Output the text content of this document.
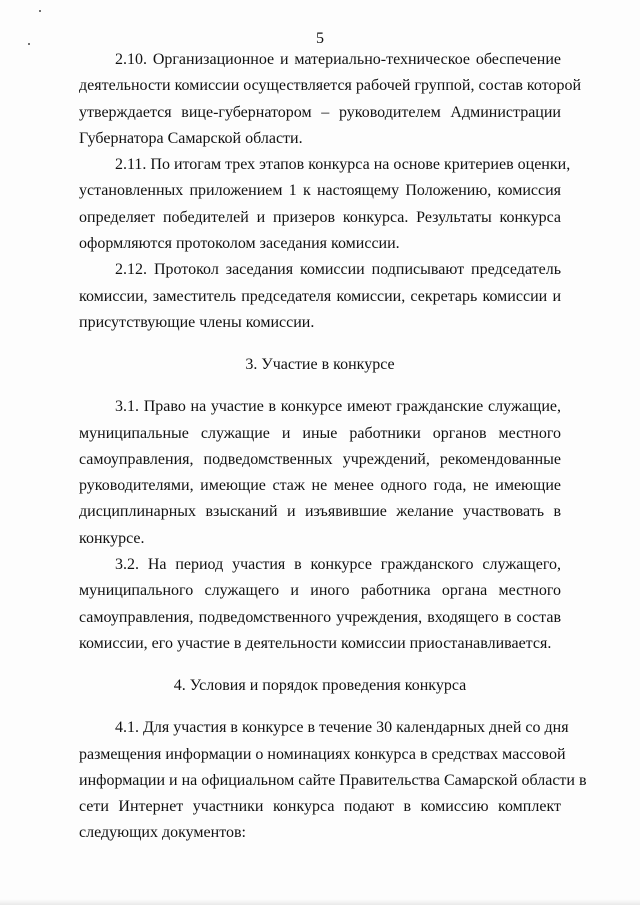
5
2.10. Организационное и материально-техническое обеспечение
деятельности комиссии осуществляется рабочей группой, состав которой
утверждается вице-губернатором – руководителем Администрации
Губернатора Самарской области.
2.11. По итогам трех этапов конкурса на основе критериев оценки,
установленных приложением 1 к настоящему Положению, комиссия
определяет победителей и призеров конкурса. Результаты конкурса
оформляются протоколом заседания комиссии.
2.12. Протокол заседания комиссии подписывают председатель
комиссии, заместитель председателя комиссии, секретарь комиссии и
присутствующие члены комиссии.
3. Участие в конкурсе
3.1. Право на участие в конкурсе имеют гражданские служащие,
муниципальные служащие и иные работники органов местного
самоуправления, подведомственных учреждений, рекомендованные
руководителями, имеющие стаж не менее одного года, не имеющие
дисциплинарных взысканий и изъявившие желание участвовать в
конкурсе.
3.2. На период участия в конкурсе гражданского служащего,
муниципального служащего и иного работника органа местного
самоуправления, подведомственного учреждения, входящего в состав
комиссии, его участие в деятельности комиссии приостанавливается.
4. Условия и порядок проведения конкурса
4.1. Для участия в конкурсе в течение 30 календарных дней со дня
размещения информации о номинациях конкурса в средствах массовой
информации и на официальном сайте Правительства Самарской области в
сети Интернет участники конкурса подают в комиссию комплект
следующих документов:
